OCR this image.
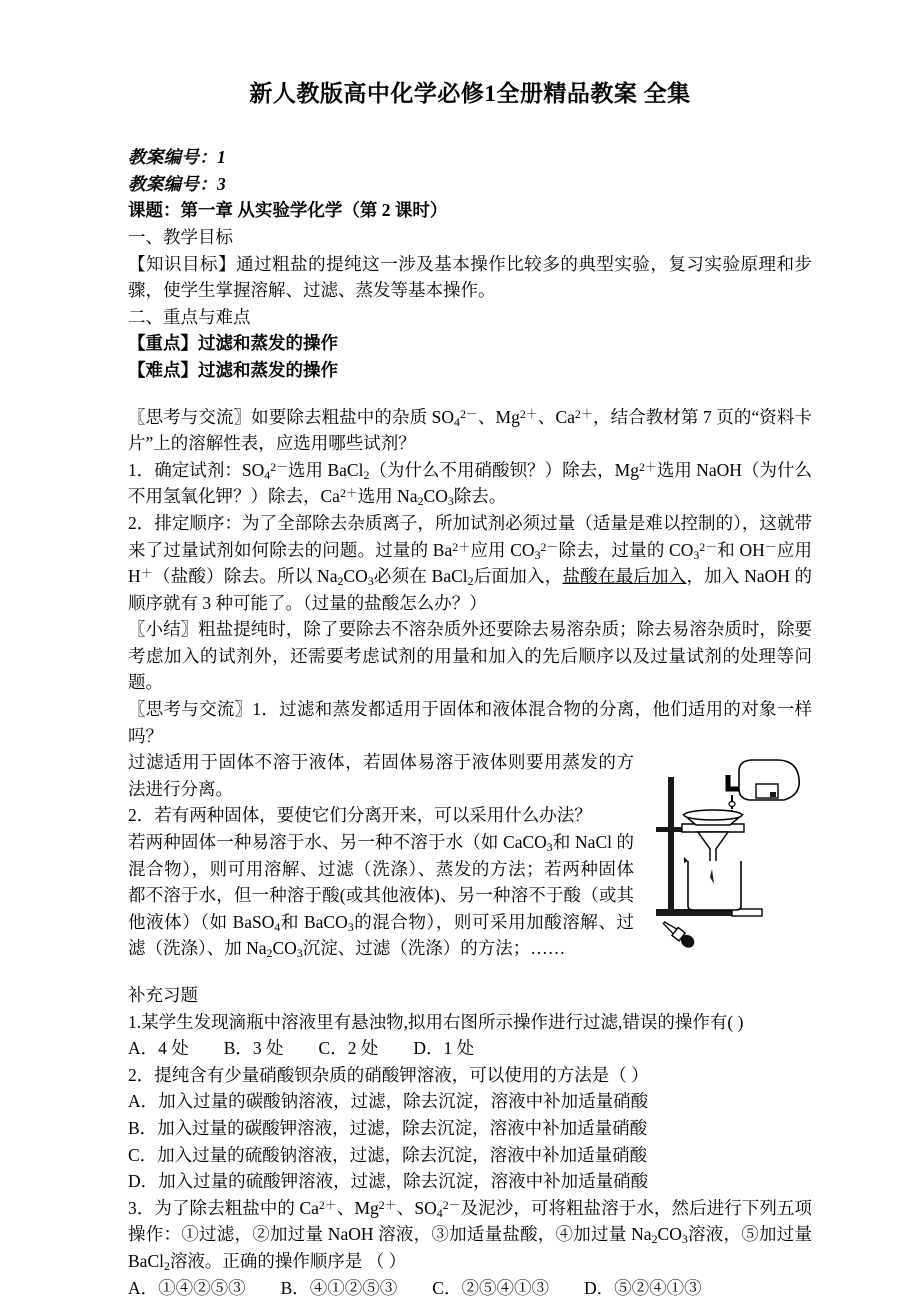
新人教版高中化学必修1全册精品教案 全集
教案编号：1
教案编号：3
课题：第一章 从实验学化学（第 2 课时）
一、教学目标
【知识目标】通过粗盐的提纯这一涉及基本操作比较多的典型实验，复习实验原理和步骤，使学生掌握溶解、过滤、蒸发等基本操作。
二、重点与难点
【重点】过滤和蒸发的操作
【难点】过滤和蒸发的操作
〖思考与交流〗如要除去粗盐中的杂质 $SO_4^{2-}$、$Mg^{2+}$、$Ca^{2+}$，结合教材第 7 页的“资料卡片”上的溶解性表，应选用哪些试剂？
1．确定试剂：$SO_4^{2-}$选用 BaCl$_2$（为什么不用硝酸钡？）除去，$Mg^{2+}$选用 NaOH（为什么不用氢氧化钾？）除去，$Ca^{2+}$选用 $Na_2CO_3$除去。
2．排定顺序：为了全部除去杂质离子，所加试剂必须过量（适量是难以控制的），这就带来了过量试剂如何除去的问题。过量的 $Ba^{2+}$应用 $CO_3^{2-}$除去，过量的 $CO_3^{2-}$和 OH－应用 H＋（盐酸）除去。所以 $Na_2CO_3$必须在 BaCl$_2$后面加入，盐酸在最后加入，加入 NaOH 的顺序就有 3 种可能了。（过量的盐酸怎么办？）
〖小结〗粗盐提纯时，除了要除去不溶杂质外还要除去易溶杂质；除去易溶杂质时，除要考虑加入的试剂外，还需要考虑试剂的用量和加入的先后顺序以及过量试剂的处理等问题。
〖思考与交流〗1．过滤和蒸发都适用于固体和液体混合物的分离，他们适用的对象一样吗？
过滤适用于固体不溶于液体，若固体易溶于液体则要用蒸发的方法进行分离。
2．若有两种固体，要使它们分离开来，可以采用什么办法？
若两种固体一种易溶于水、另一种不溶于水（如 CaCO$_3$和 NaCl 的混合物），则可用溶解、过滤（洗涤）、蒸发的方法；若两种固体都不溶于水，但一种溶于酸(或其他液体)、另一种溶不于酸（或其他液体）（如 BaSO$_4$和 BaCO$_3$的混合物），则可采用加酸溶解、过滤（洗涤）、加 $Na_2CO_3$沉淀、过滤（洗涤）的方法；……
补充习题
1.某学生发现滴瓶中溶液里有悬浊物,拟用右图所示操作进行过滤,错误的操作有( )
A．4 处        B．3 处        C．2 处        D．1 处
2．提纯含有少量硝酸钡杂质的硝酸钾溶液，可以使用的方法是（ ）
A．加入过量的碳酸钠溶液，过滤，除去沉淀，溶液中补加适量硝酸
B．加入过量的碳酸钾溶液，过滤，除去沉淀，溶液中补加适量硝酸
C．加入过量的硫酸钠溶液，过滤，除去沉淀，溶液中补加适量硝酸
D．加入过量的硫酸钾溶液，过滤，除去沉淀，溶液中补加适量硝酸
3．为了除去粗盐中的 $Ca^{2+}$、$Mg^{2+}$、$SO_4^{2-}$及泥沙，可将粗盐溶于水，然后进行下列五项操作：①过滤，②加过量 NaOH 溶液，③加适量盐酸，④加过量 $Na_2CO_3$溶液，⑤加过量 BaCl$_2$溶液。正确的操作顺序是 （ ）
A．①④②⑤③        B．④①②⑤③        C．②⑤④①③        D．⑤②④①③
